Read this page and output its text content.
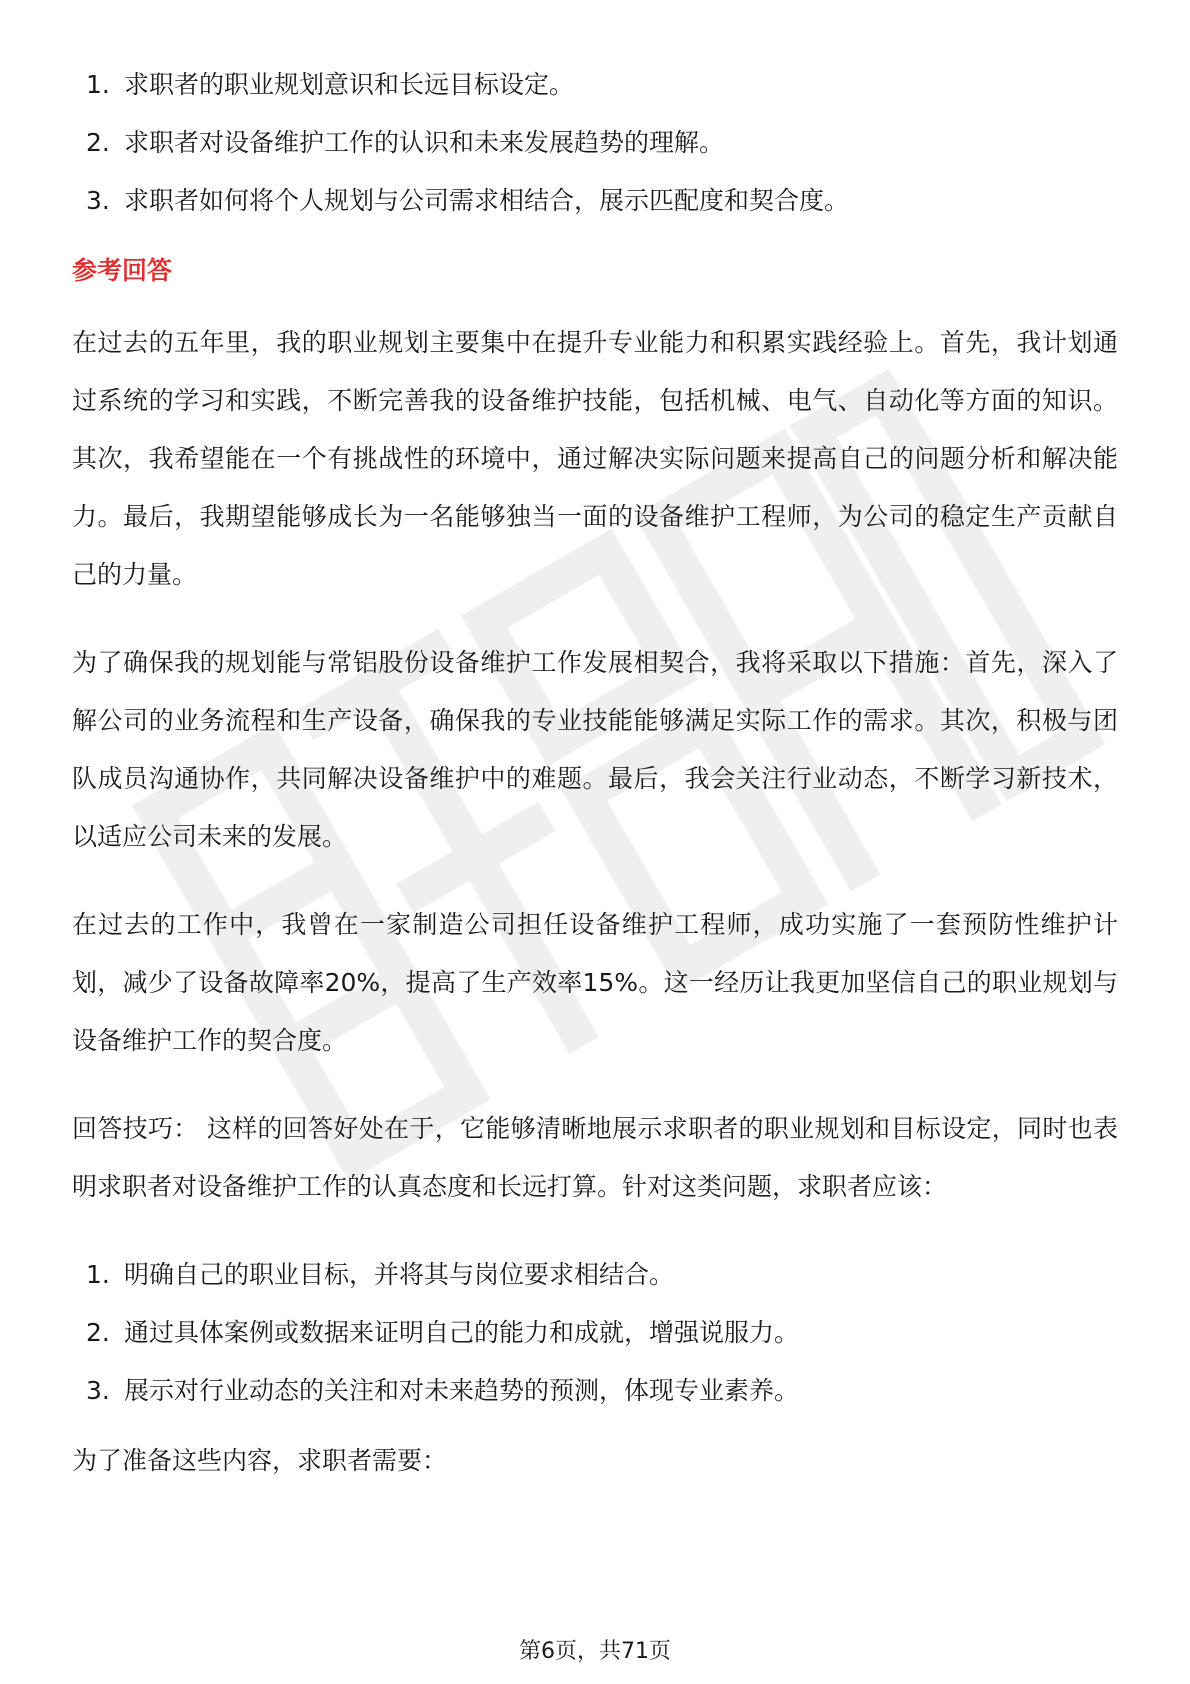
1. 求职者的职业规划意识和长远目标设定。
2. 求职者对设备维护工作的认识和未来发展趋势的理解。
3. 求职者如何将个人规划与公司需求相结合，展示匹配度和契合度。
参考回答

在过去的五年里，我的职业规划主要集中在提升专业能力和积累实践经验上。首先，我计划通过系统的学习和实践，不断完善我的设备维护技能，包括机械、电气、自动化等方面的知识。其次，我希望能在一个有挑战性的环境中，通过解决实际问题来提高自己的问题分析和解决能力。最后，我期望能够成长为一名能够独当一面的设备维护工程师，为公司的稳定生产贡献自己的力量。

为了确保我的规划能与常铝股份设备维护工作发展相契合，我将采取以下措施：首先，深入了解公司的业务流程和生产设备，确保我的专业技能能够满足实际工作的需求。其次，积极与团队成员沟通协作，共同解决设备维护中的难题。最后，我会关注行业动态，不断学习新技术，以适应公司未来的发展。

在过去的工作中，我曾在一家制造公司担任设备维护工程师，成功实施了一套预防性维护计划，减少了设备故障率20%，提高了生产效率15%。这一经历让我更加坚信自己的职业规划与设备维护工作的契合度。

回答技巧： 这样的回答好处在于，它能够清晰地展示求职者的职业规划和目标设定，同时也表明求职者对设备维护工作的认真态度和长远打算。针对这类问题，求职者应该：

1. 明确自己的职业目标，并将其与岗位要求相结合。
2. 通过具体案例或数据来证明自己的能力和成就，增强说服力。
3. 展示对行业动态的关注和对未来趋势的预测，体现专业素养。

为了准备这些内容，求职者需要：

第6页，共71页
